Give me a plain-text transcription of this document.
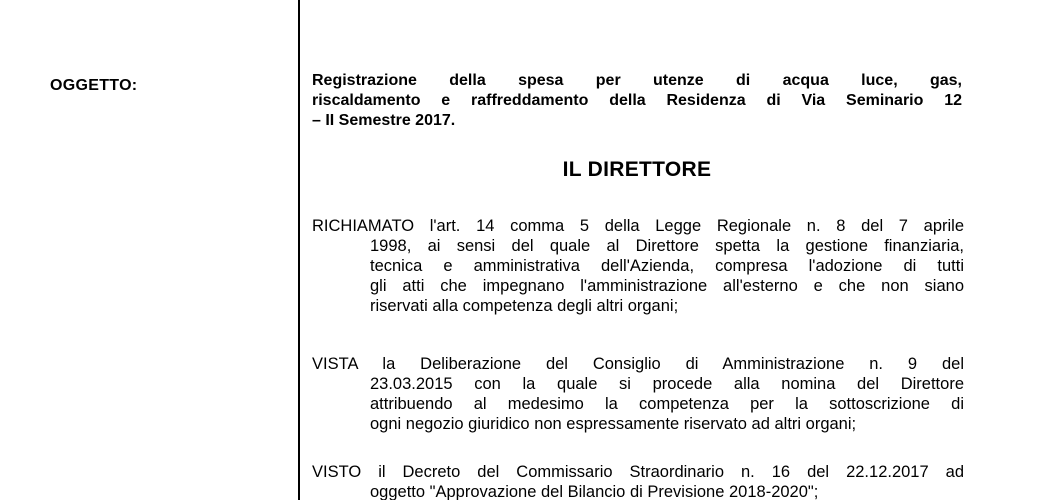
OGGETTO:	Registrazione della spesa per utenze di acqua luce, gas,
riscaldamento e raffreddamento della Residenza di Via Seminario 12
– II Semestre 2017.
IL DIRETTORE
RICHIAMATO l'art. 14 comma 5 della Legge Regionale n. 8 del 7 aprile
1998, ai sensi del quale al Direttore spetta la gestione finanziaria,
tecnica e amministrativa dell'Azienda, compresa l'adozione di tutti
gli atti che impegnano l'amministrazione all'esterno e che non siano
riservati alla competenza degli altri organi;
VISTA la Deliberazione del Consiglio di Amministrazione n. 9 del
23.03.2015 con la quale si procede alla nomina del Direttore
attribuendo al medesimo la competenza per la sottoscrizione di
ogni negozio giuridico non espressamente riservato ad altri organi;
VISTO il Decreto del Commissario Straordinario n. 16 del 22.12.2017 ad
oggetto "Approvazione del Bilancio di Previsione 2018-2020";
